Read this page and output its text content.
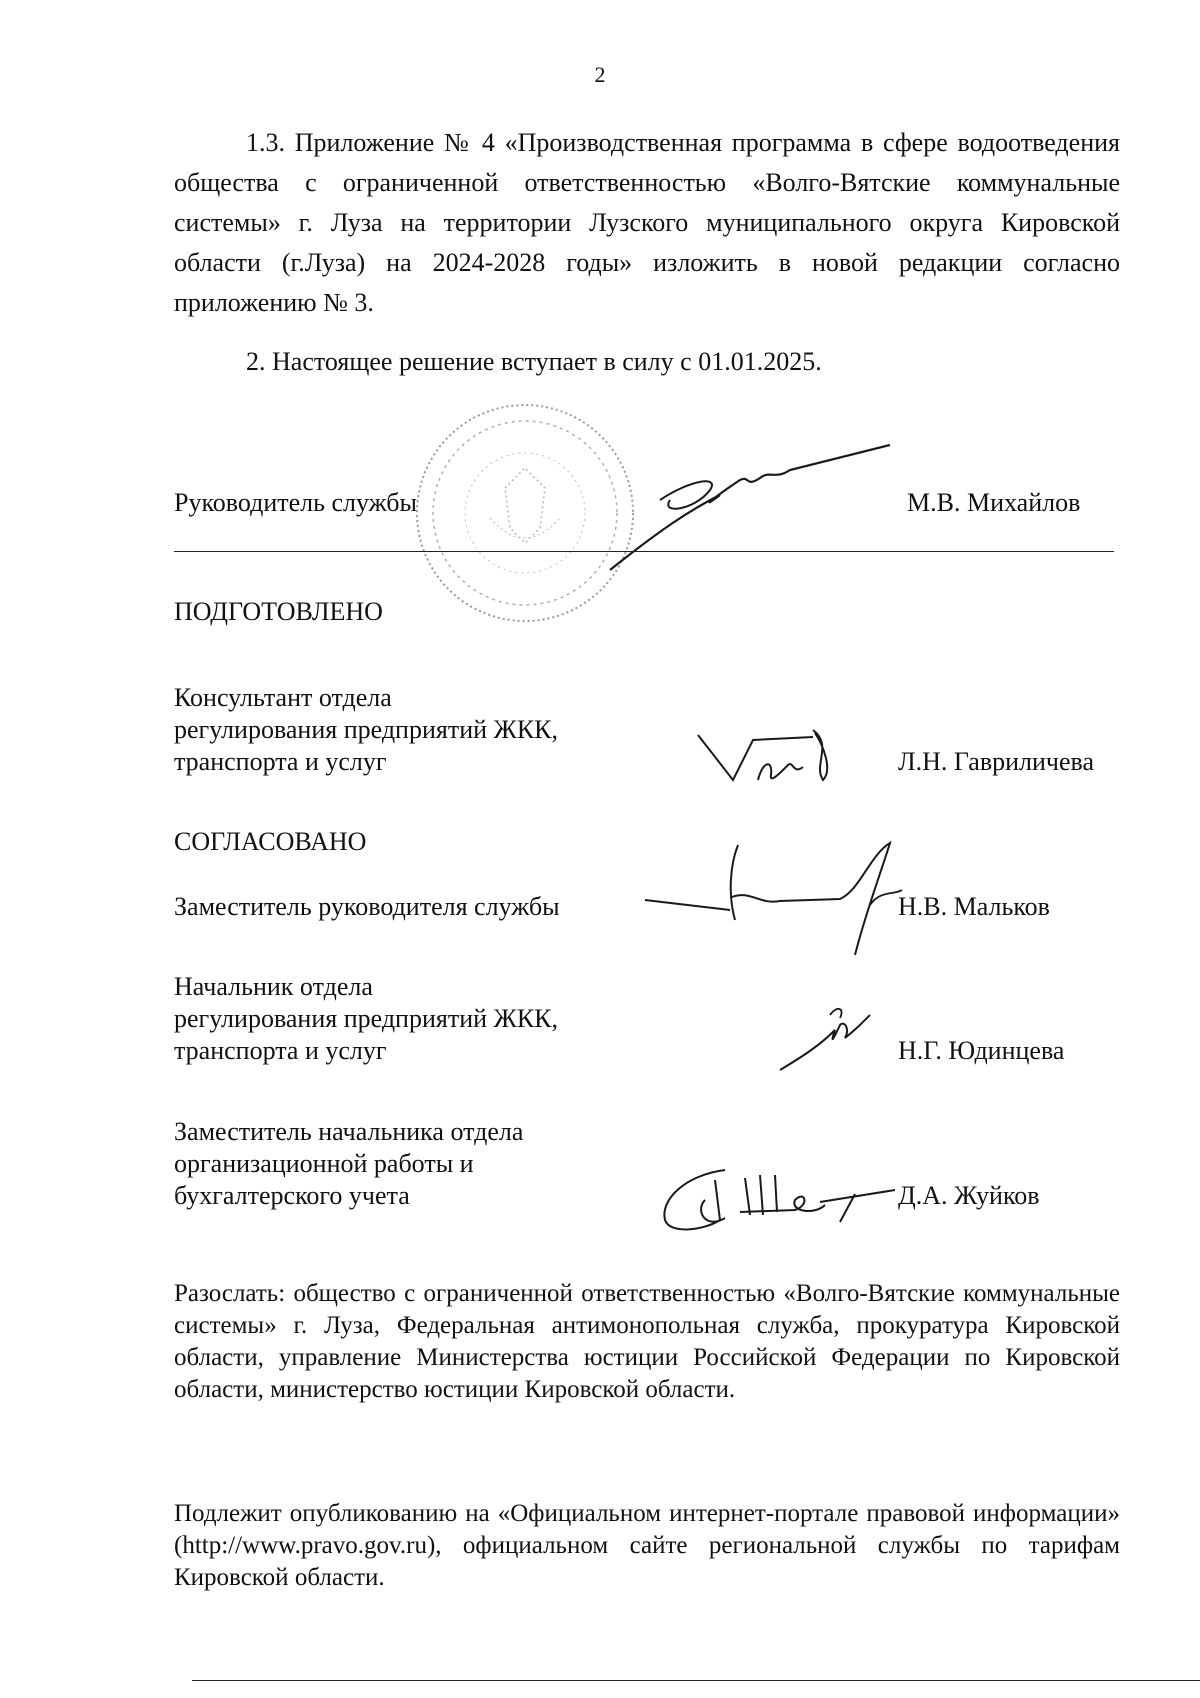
2
1.3. Приложение № 4 «Производственная программа в сфере водоотведения общества с ограниченной ответственностью «Волго-Вятские коммунальные системы» г. Луза на территории Лузского муниципального округа Кировской области (г.Луза) на 2024-2028 годы» изложить в новой редакции согласно приложению № 3.
2. Настоящее решение вступает в силу с 01.01.2025.
Руководитель службы	М.В. Михайлов
ПОДГОТОВЛЕНО
Консультант отдела
регулирования предприятий ЖКК,
транспорта и услуг	Л.Н. Гавриличева
СОГЛАСОВАНО
Заместитель руководителя службы	Н.В. Мальков
Начальник отдела
регулирования предприятий ЖКК,
транспорта и услуг	Н.Г. Юдинцева
Заместитель начальника отдела
организационной работы и
бухгалтерского учета	Д.А. Жуйков
Разослать: общество с ограниченной ответственностью «Волго-Вятские коммунальные системы» г. Луза, Федеральная антимонопольная служба, прокуратура Кировской области, управление Министерства юстиции Российской Федерации по Кировской области, министерство юстиции Кировской области.
Подлежит опубликованию на «Официальном интернет-портале правовой информации» (http://www.pravo.gov.ru), официальном сайте региональной службы по тарифам Кировской области.
